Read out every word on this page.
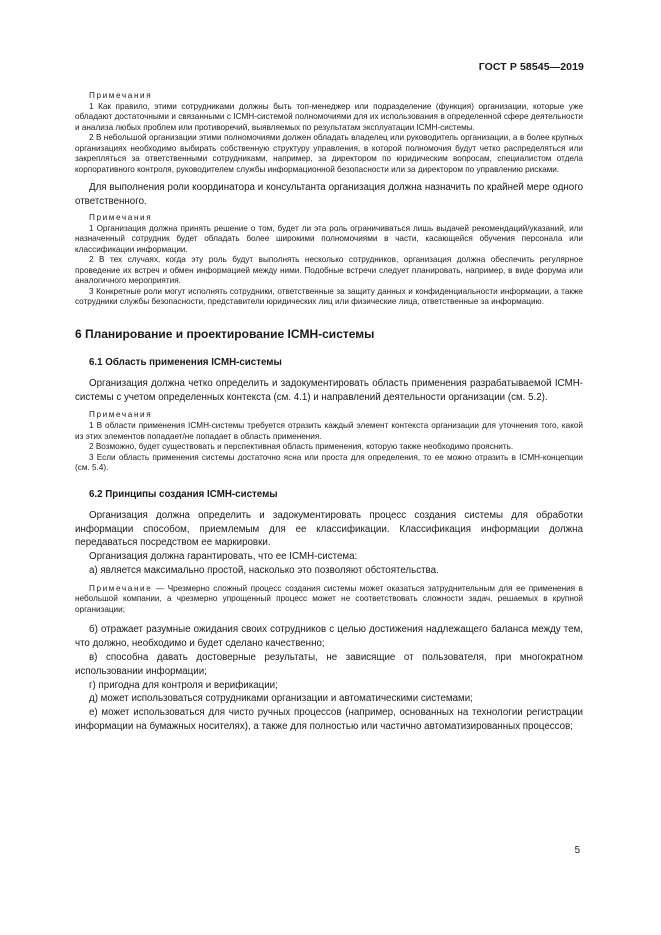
ГОСТ Р 58545—2019

Примечания

1 Как правило, этими сотрудниками должны быть топ-менеджер или подразделение (функция) организации, которые уже обладают достаточными и связанными с ICMH-системой полномочиями для их использования в определенной сфере деятельности и анализа любых проблем или противоречий, выявляемых по результатам эксплуатации ICMH-системы.

2 В небольшой организации этими полномочиями должен обладать владелец или руководитель организации, а в более крупных организациях необходимо выбирать собственную структуру управления, в которой полномочия будут четко распределяться или закрепляться за ответственными сотрудниками, например, за директором по юридическим вопросам, специалистом отдела корпоративного контроля, руководителем службы информационной безопасности или за директором по управлению рисками.

Для выполнения роли координатора и консультанта организация должна назначить по крайней мере одного ответственного.

Примечания

1 Организация должна принять решение о том, будет ли эта роль ограничиваться лишь выдачей рекомендаций/указаний, или назначенный сотрудник будет обладать более широкими полномочиями в части, касающейся обучения персонала или классификации информации.

2 В тех случаях, когда эту роль будут выполнять несколько сотрудников, организация должна обеспечить регулярное проведение их встреч и обмен информацией между ними. Подобные встречи следует планировать, например, в виде форума или аналогичного мероприятия.

3 Конкретные роли могут исполнять сотрудники, ответственные за защиту данных и конфиденциальности информации, а также сотрудники службы безопасности, представители юридических лиц или физические лица, ответственные за информацию.

6 Планирование и проектирование ICMH-системы

6.1 Область применения ICMH-системы

Организация должна четко определить и задокументировать область применения разрабатываемой ICMH-системы с учетом определенных контекста (см. 4.1) и направлений деятельности организации (см. 5.2).

Примечания

1 В области применения ICMH-системы требуется отразить каждый элемент контекста организации для уточнения того, какой из этих элементов попадает/не попадает в область применения.

2 Возможно, будет существовать и перспективная область применения, которую также необходимо прояснить.

3 Если область применения системы достаточно ясна или проста для определения, то ее можно отразить в ICMH-концепции (см. 5.4).

6.2 Принципы создания ICMH-системы

Организация должна определить и задокументировать процесс создания системы для обработки информации способом, приемлемым для ее классификации. Классификация информации должна передаваться посредством ее маркировки.

Организация должна гарантировать, что ее ICMH-система:

а) является максимально простой, насколько это позволяют обстоятельства.

Примечание — Чрезмерно сложный процесс создания системы может оказаться затруднительным для ее применения в небольшой компании, а чрезмерно упрощенный процесс может не соответствовать сложности задач, решаемых в крупной организации;

б) отражает разумные ожидания своих сотрудников с целью достижения надлежащего баланса между тем, что должно, необходимо и будет сделано качественно;

в) способна давать достоверные результаты, не зависящие от пользователя, при многократном использовании информации;

г) пригодна для контроля и верификации;

д) может использоваться сотрудниками организации и автоматическими системами;

е) может использоваться для чисто ручных процессов (например, основанных на технологии регистрации информации на бумажных носителях), а также для полностью или частично автоматизированных процессов;

5
